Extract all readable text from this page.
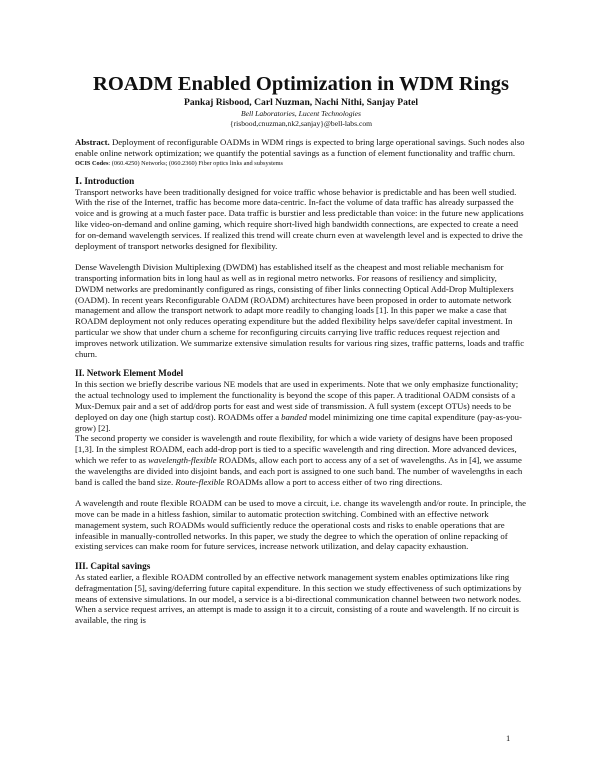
ROADM Enabled Optimization in WDM Rings
Pankaj Risbood, Carl Nuzman, Nachi Nithi, Sanjay Patel
Bell Laboratories, Lucent Technologies
{risbood,cnuzman,nk2,sanjay}@bell-labs.com
Abstract. Deployment of reconfigurable OADMs in WDM rings is expected to bring large operational savings. Such nodes also enable online network optimization; we quantify the potential savings as a function of element functionality and traffic churn.
OCIS Codes: (060.4250) Networks; (060.2360) Fiber optics links and subsystems
I. Introduction

Transport networks have been traditionally designed for voice traffic whose behavior is predictable and has been well studied. With the rise of the Internet, traffic has become more data-centric. In-fact the volume of data traffic has already surpassed the voice and is growing at a much faster pace. Data traffic is burstier and less predictable than voice: in the future new applications like video-on-demand and online gaming, which require short-lived high bandwidth connections, are expected to create a need for on-demand wavelength services. If realized this trend will create churn even at wavelength level and is expected to drive the deployment of transport networks designed for flexibility.

Dense Wavelength Division Multiplexing (DWDM) has established itself as the cheapest and most reliable mechanism for transporting information bits in long haul as well as in regional metro networks. For reasons of resiliency and simplicity, DWDM networks are predominantly configured as rings, consisting of fiber links connecting Optical Add-Drop Multiplexers (OADM). In recent years Reconfigurable OADM (ROADM) architectures have been proposed in order to automate network management and allow the transport network to adapt more readily to changing loads [1]. In this paper we make a case that ROADM deployment not only reduces operating expenditure but the added flexibility helps save/defer capital investment. In particular we show that under churn a scheme for reconfiguring circuits carrying live traffic reduces request rejection and improves network utilization. We summarize extensive simulation results for various ring sizes, traffic patterns, loads and traffic churn.

II. Network Element Model

In this section we briefly describe various NE models that are used in experiments. Note that we only emphasize functionality; the actual technology used to implement the functionality is beyond the scope of this paper. A traditional OADM consists of a Mux-Demux pair and a set of add/drop ports for east and west side of transmission. A full system (except OTUs) needs to be deployed on day one (high startup cost). ROADMs offer a banded model minimizing one time capital expenditure (pay-as-you-grow) [2].
The second property we consider is wavelength and route flexibility, for which a wide variety of designs have been proposed [1,3]. In the simplest ROADM, each add-drop port is tied to a specific wavelength and ring direction. More advanced devices, which we refer to as wavelength-flexible ROADMs, allow each port to access any of a set of wavelengths. As in [4], we assume the wavelengths are divided into disjoint bands, and each port is assigned to one such band. The number of wavelengths in each band is called the band size. Route-flexible ROADMs allow a port to access either of two ring directions.

A wavelength and route flexible ROADM can be used to move a circuit, i.e. change its wavelength and/or route. In principle, the move can be made in a hitless fashion, similar to automatic protection switching. Combined with an effective network management system, such ROADMs would sufficiently reduce the operational costs and risks to enable operations that are infeasible in manually-controlled networks. In this paper, we study the degree to which the operation of online repacking of existing services can make room for future services, increase network utilization, and delay capacity exhaustion.

III. Capital savings

As stated earlier, a flexible ROADM controlled by an effective network management system enables optimizations like ring defragmentation [5], saving/deferring future capital expenditure. In this section we study effectiveness of such optimizations by means of extensive simulations. In our model, a service is a bi-directional communication channel between two network nodes. When a service request arrives, an attempt is made to assign it to a circuit, consisting of a route and wavelength. If no circuit is available, the ring is

1
